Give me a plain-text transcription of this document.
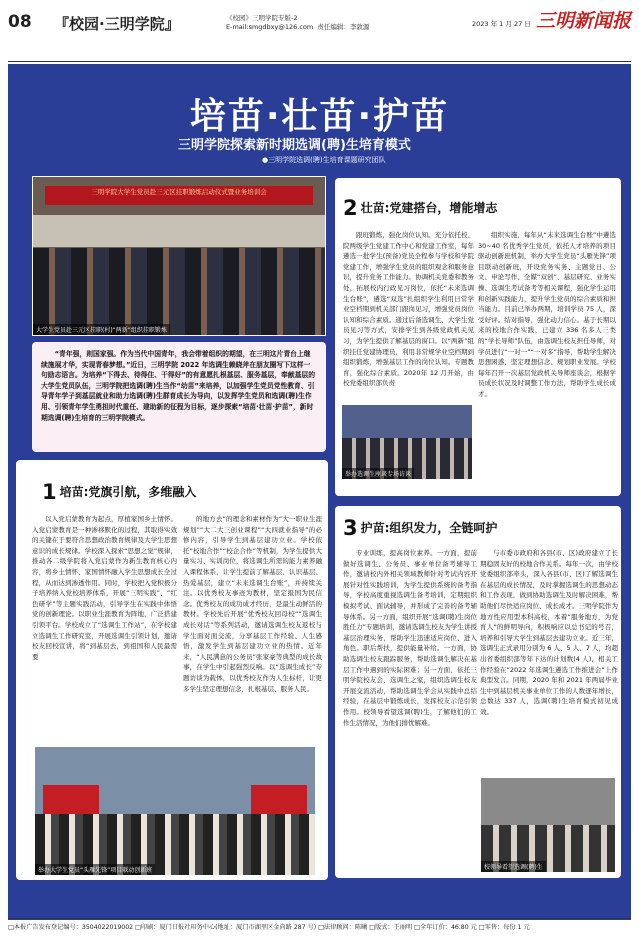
08 『校园·三明学院』	《校园》三明学院专版-2
E-mail:smgdbxy@126.com 责任编辑：李敦源	2023 年 1 月 27 日 三明新闻报
培苗·壮苗·护苗
三明学院探索新时期选调(聘)生培育模式
●三明学院选调(聘)生培育课题研究团队
三明学院大学生党员赴三元区挂职锻炼启动仪式暨业务培训会
大学生党员赴三元区挂职(村)“两新”组织挂职锻炼

“青年强，则国家强。作为当代中国青年，我会带着组织的期望，在三明这片青台上继续施展才华，实现青春梦想。”近日，三明学院 2022 年选调生赖晓斧在朋友圈写下这样一句励志语言。为培养“下得去、待得住、干得好”的有意愿扎根基层、服务基层，奉献基层的大学生党员队伍，三明学院把选调(聘)生当作“幼苗”来培养，以加强学生党员党性教育、引导青年学子到基层就业和助力选调(聘)生群育成长为导向，以发挥学生党员和选调(聘)生作用、引领青年学生勇担时代重任、建助新的征程为目标，逐步探索“培苗·壮苗·护苗”，新时期选调(聘)生培育的三明学院模式。

2 壮苗:党建搭台，增能增志

跟班锻炼，强化岗位认知。充分依托校、院两级学生党建工作中心和党建工作室，每年遴选一批学生(预备)党员全程参与学校和学院党建工作，增强学生党员的组织观念和服务意识，提升党务工作能力。协调机关党委和教务处，拓展校内行政见习岗位，依托“未来选调生台账”，遴选“双选”扎组织学生利用日常学业空档期到机关部门跟岗见习，增强党员岗位认知和综合素质。通过后备选调生、大学生党员见习等方式，安排学生到各级党政机关见习，为学生提供了解基层的窗口。以“两新”组织挂任党建协理员，利用非常规学业空档期到组织锻炼，增强基层工作的岗位认知。专题教育，强化综合素质。2020年 12 月开始，由校党委组织部负责

组织实施，每年从“未来选调生台账”中遴选 30~40 名优秀学生党员，依托人才培养的项目驱动创新班机制，举办大学生党员“头雁先锋”项目联动创新班，开设党务实务、主题党日、公文、申论写作、全媒“双创”、基层研究、业务实操、选调生考试备考等相关课程，强化学生运用和创新实践能力，提升学生党员的综合素质和担当能力。目前已举办两期，培训学员 75 人，深受好评。结对指导，强化动力信心。基于长期以来的校地合作实践，已建立 336 名多人三类的“学长导师”队伍，由选调生校友担任导师，对学员进行“一对一”“一对多”指导，帮助学生解决思想困惑、坚定理想信念、规划职业发展。学校每年召开一次基层党政机关导师座谈会，根据学员成长状况及时调整工作方法，帮助学生成长成才。

举办选调生座谈专场访谈
1 培苗:党旗引航，多维融入

以入党启蒙教育为起点，厚植家国乡土情怀。入党启蒙教育是一种渗移默化的过程，其取得实效的关键在于要符合思想政治教育规律及大学生思想意识的成长规律。学校深入探索“思想之觉”规律，推动各二级学院将入党启蒙作为新生教育核心内容，将乡土情怀、家国情怀融入学生思想成长全过程，从而达到渗透作用。同时，学校把入党积极分子培养纳入党校培养体系，开展“三明实践”、“红色研学”等主题实践活动，引导学生在实践中体悟党的创新理论。以职业生涯教育为阵地，广泛搭建引领平台。学校成立了“选调生工作站”，在学校建立选调生工作研究室，开展选调生引领计划，邀请校友回校宣讲，将“到基层去，到祖国和人民最需要

的地方去”的理念和素材作为“大一职业生涯规划”“大二大三创业课程”“大四就业指导”的必修内容，引导学生到基层建功立业。学校依托“校地合作”“校企合作”等机制，为学生提供大量实习、实训岗位，将选调生所需的能力素养融入课程体系，让学生提前了解基层、认识基层、热爱基层，建立“未来选调生台账”，并持续关注。以优秀校友事迹为教材，坚定报国为民信念。优秀校友的成功成才经历，是最生动鲜活的教材。学校先后开展“优秀校友回母校”“选调生成长对话”等系列活动，邀请选调生校友返校与学生面对面交流，分享基层工作经验、人生感悟，激发学生到基层建功立业的热情。近年来，“人民满意的公务员”张家豪等典型的成长故事，在学生中引起强烈反响。以“选调生成长”专题访谈为载体，以优秀校友作为人生标杆，让更多学生坚定理想信念，扎根基层、服务人民。

举办大学生党员“头雁先锋”项目联动创新班
3 护苗:组织发力，全链呵护

专业训练，提高岗位素养。一方面，提前做好选调生、公务员、事业单位备考辅导工作，邀请校内外相关领域教师针对考试内容开展针对性实践培训，为学生提供系统的备考指导，学校高度重视选调生备考培训，定期组织模拟考试、面试辅导，并形成了完善的备考辅导体系。另一方面，组织开展“选调(聘)生岗位胜任力”专题培训，邀请选调生校友为学生讲授基层治理实务，帮助学生迅速适应岗位、进入角色。职后帮扶，提供能量补给。一方面，协助选调生校友跟踪服务，帮助选调生解决在基层工作中遇到的实际困难；另一方面，依托三明学院校友会、选调生之家，组织选调生校友开展交流活动，帮助选调生学会从实践中总结经验，在基层中锻炼成长，发挥校友示范引领作用。校领导看望选调(聘)生，了解他们的工作生活情况，为他们排忧解难。

与市委市政府和各县(市、区)政府建立了长期稳固友好的校地合作关系。每年一次，由学校党委组织部牵头，深入各县(市、区)了解选调生在基层的成长情况，及时掌握选调生的思想动态和工作表现，做到协助选调生及时解决困难，帮助他们尽快适应岗位、成长成才。三明学院作为地方性应用型本科高校，本着“服务地方，为党育人”的鲜明导向，积极响应以总书记的号召，培养和引导大学生到基层去建功立业。近三年，选调生正式录用分别为 6 人、5 人、7 人，均超出省委组织部等年下达的计划数(4 人)，相关工作经验在“2022 年选调生遴选工作推进会”上作典型发言。同期，2020 年和 2021 年两届毕业生中到基层机关事业单位工作的人数逐年增长，总数达 337 人，选调(聘)生培育模式初见成效。

校领导看望选调(聘)生
□本报广告发布登记编号：3504022019002 □印刷：厦门日报社印务中心(地址：厦门市湖里区金尚路 287 号) □法律顾问：陈曦 □版式：王丽明 □全年订价：46.80 元 □零售：每份 1 元
